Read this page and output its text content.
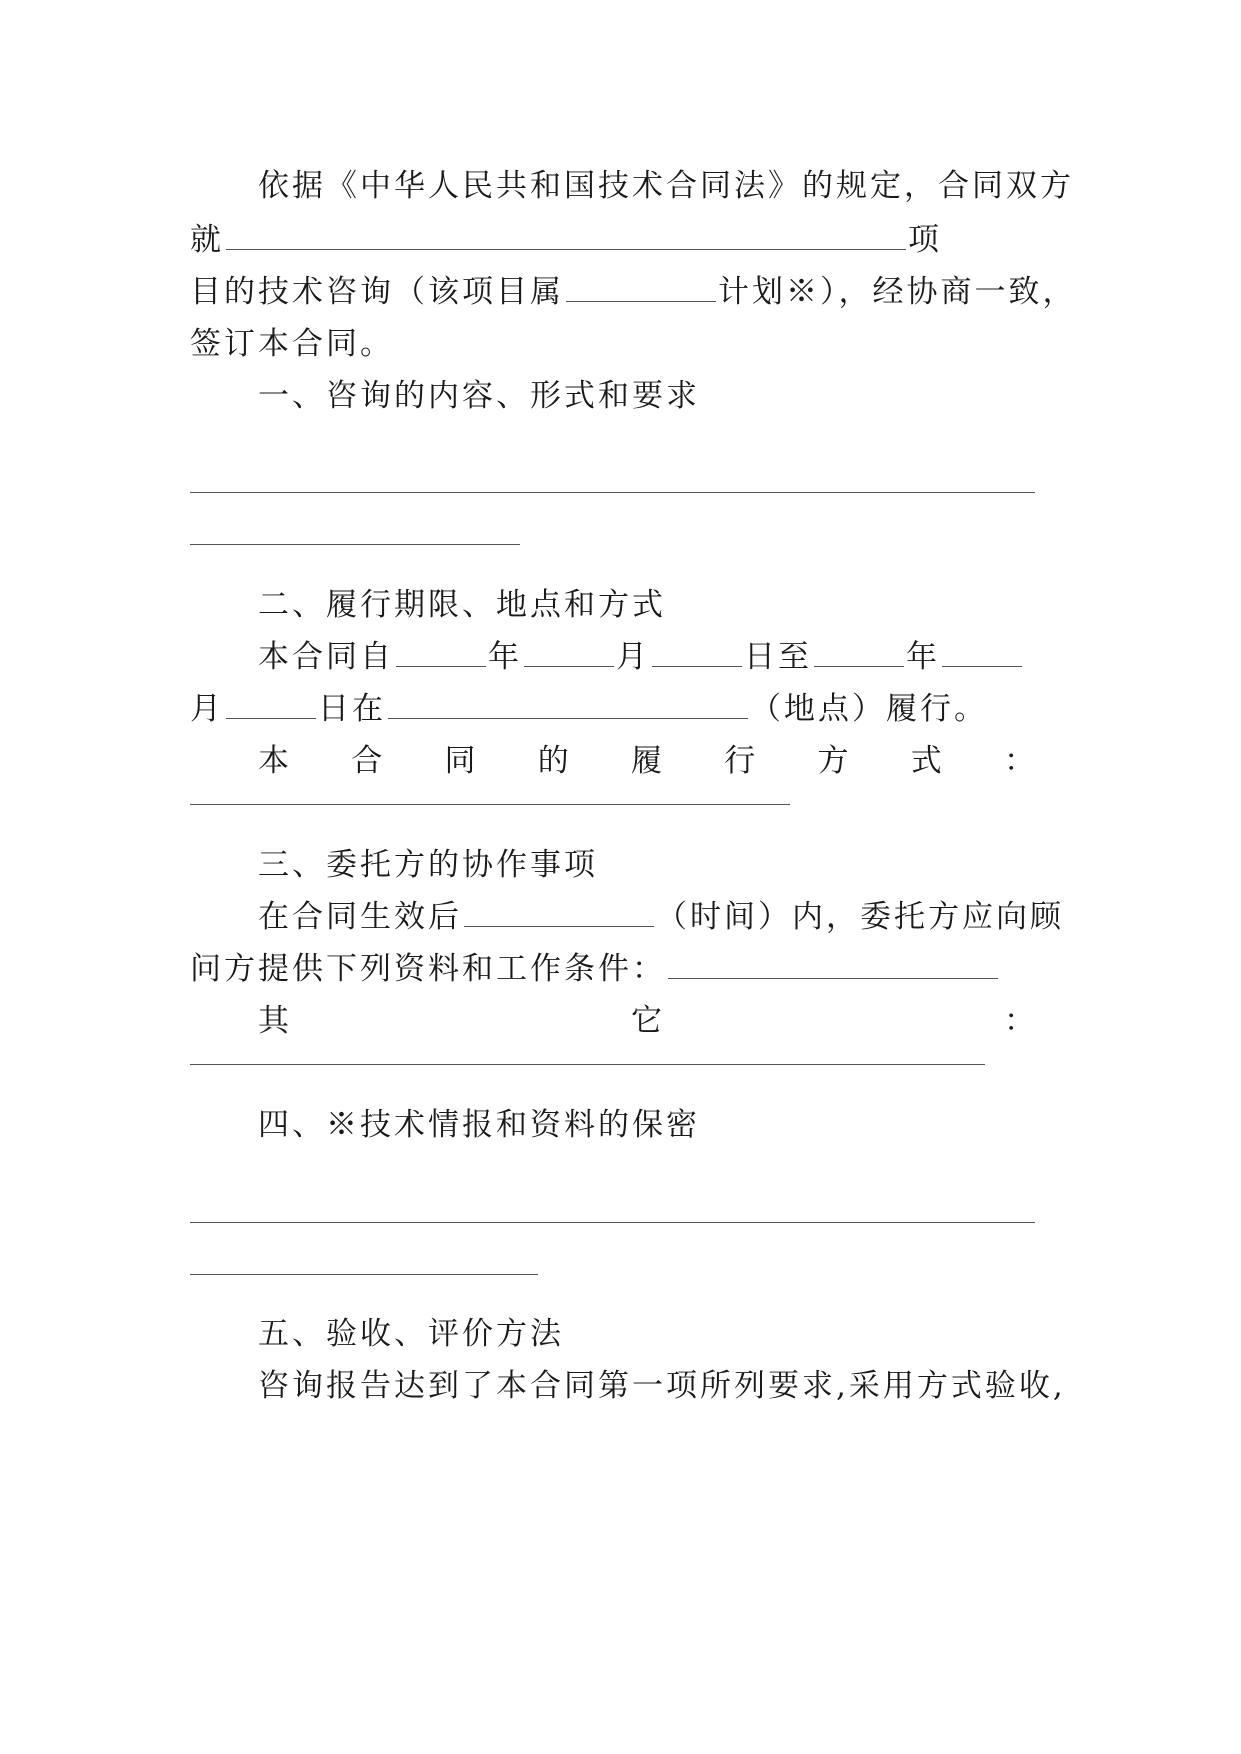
依据《中华人民共和国技术合同法》的规定，合同双方
就	项
目的技术咨询（该项目属	计划※），经协商一致，
签订本合同。
一、咨询的内容、形式和要求
二、履行期限、地点和方式
本合同自	年	月	日至	年
月	日在	（地点）履行。
本 合 同 的 履 行 方 式 ：
三、委托方的协作事项
在合同生效后	（时间）内，委托方应向顾
问方提供下列资料和工作条件：
其	它	：
四、※技术情报和资料的保密
五、验收、评价方法
咨询报告达到了本合同第一项所列要求,采用方式验收,
